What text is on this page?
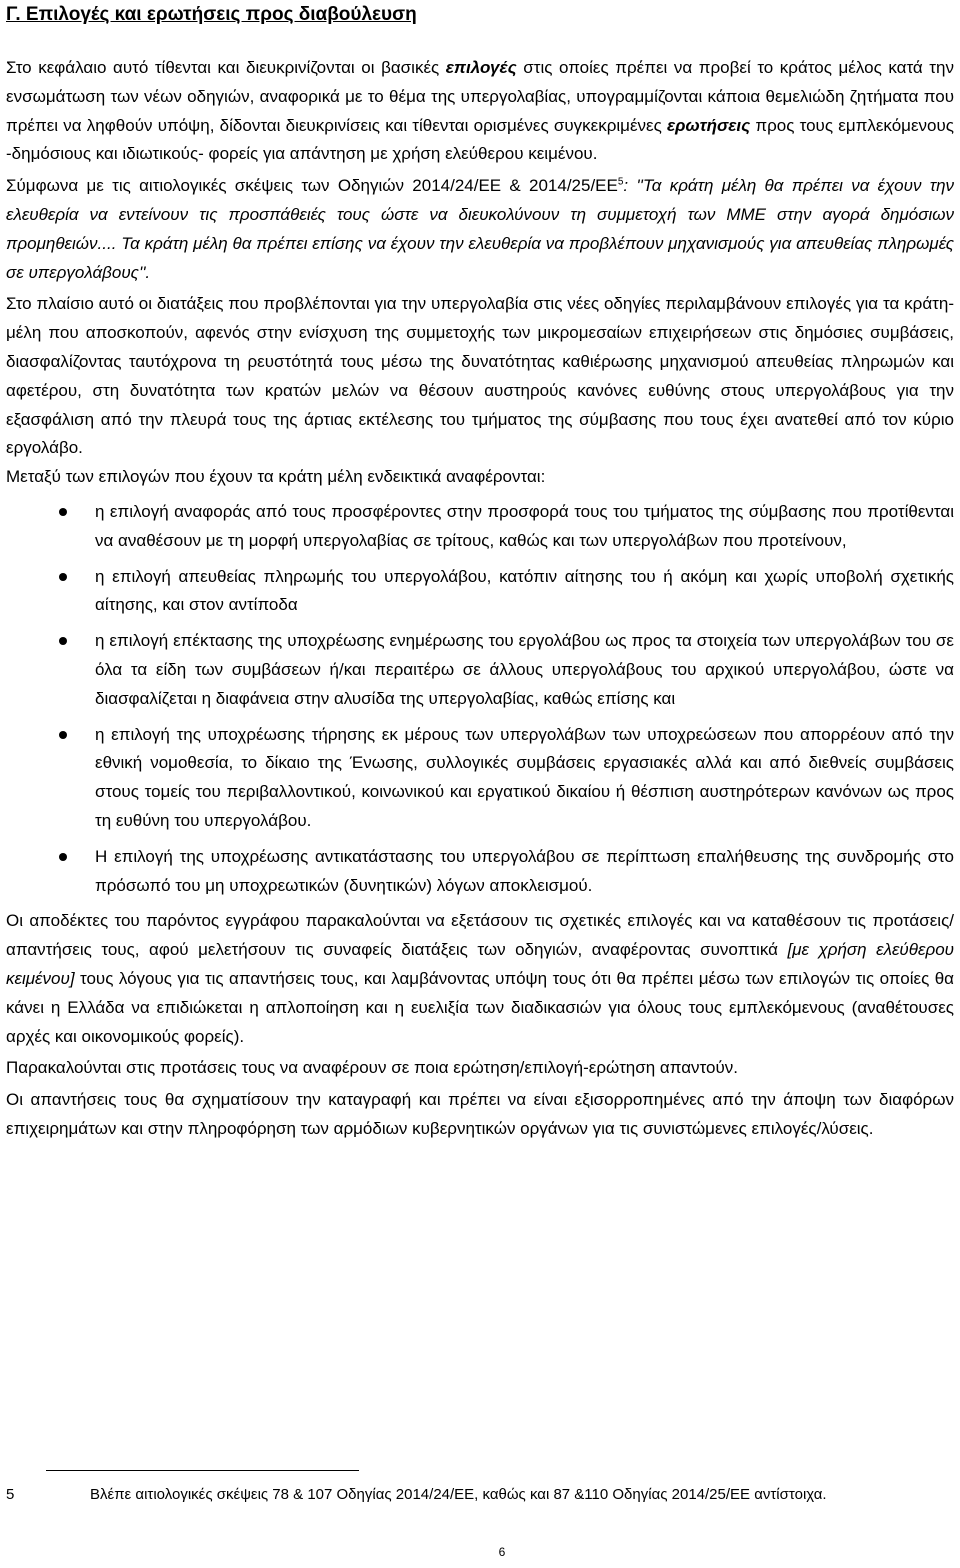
Γ. Επιλογές και ερωτήσεις προς διαβούλευση

Στο κεφάλαιο αυτό τίθενται και διευκρινίζονται οι βασικές επιλογές στις οποίες πρέπει να προβεί το κράτος μέλος κατά την ενσωμάτωση των νέων οδηγιών, αναφορικά με το θέμα της υπεργολαβίας, υπογραμμίζονται κάποια θεμελιώδη ζητήματα που πρέπει να ληφθούν υπόψη, δίδονται διευκρινίσεις και τίθενται ορισμένες συγκεκριμένες ερωτήσεις προς τους εμπλεκόμενους -δημόσιους και ιδιωτικούς- φορείς για απάντηση με χρήση ελεύθερου κειμένου.

Σύμφωνα με τις αιτιολογικές σκέψεις των Οδηγιών 2014/24/ΕΕ & $2014/25/EE^5$: ''Τα κράτη μέλη θα πρέπει να έχουν την ελευθερία να εντείνουν τις προσπάθειές τους ώστε να διευκολύνουν τη συμμετοχή των ΜΜΕ στην αγορά δημόσιων προμηθειών.... Τα κράτη μέλη θα πρέπει επίσης να έχουν την ελευθερία να προβλέπουν μηχανισμούς για απευθείας πληρωμές σε υπεργολάβους''.

Στο πλαίσιο αυτό οι διατάξεις που προβλέπονται για την υπεργολαβία στις νέες οδηγίες περιλαμβάνουν επιλογές για τα κράτη-μέλη που αποσκοπούν, αφενός στην ενίσχυση της συμμετοχής των μικρομεσαίων επιχειρήσεων στις δημόσιες συμβάσεις, διασφαλίζοντας ταυτόχρονα τη ρευστότητά τους μέσω της δυνατότητας καθιέρωσης μηχανισμού απευθείας πληρωμών και αφετέρου, στη δυνατότητα των κρατών μελών να θέσουν αυστηρούς κανόνες ευθύνης στους υπεργολάβους για την εξασφάλιση από την πλευρά τους της άρτιας εκτέλεσης του τμήματος της σύμβασης που τους έχει ανατεθεί από τον κύριο εργολάβο.

Μεταξύ των επιλογών που έχουν τα κράτη μέλη ενδεικτικά αναφέρονται:

η επιλογή αναφοράς από τους προσφέροντες στην προσφορά τους του τμήματος της σύμβασης που προτίθενται να αναθέσουν με τη μορφή υπεργολαβίας σε τρίτους, καθώς και των υπεργολάβων που προτείνουν,
η επιλογή απευθείας πληρωμής του υπεργολάβου, κατόπιν αίτησης του ή ακόμη και χωρίς υποβολή σχετικής αίτησης, και στον αντίποδα
η επιλογή επέκτασης της υποχρέωσης ενημέρωσης του εργολάβου ως προς τα στοιχεία των υπεργολάβων του σε όλα τα είδη των συμβάσεων ή/και περαιτέρω σε άλλους υπεργολάβους του αρχικού υπεργολάβου, ώστε να διασφαλίζεται η διαφάνεια στην αλυσίδα της υπεργολαβίας, καθώς επίσης και
η επιλογή της υποχρέωσης τήρησης εκ μέρους των υπεργολάβων των υποχρεώσεων που απορρέουν από την εθνική νομοθεσία, το δίκαιο της Ένωσης, συλλογικές συμβάσεις εργασιακές αλλά και από διεθνείς συμβάσεις στους τομείς του περιβαλλοντικού, κοινωνικού και εργατικού δικαίου ή θέσπιση αυστηρότερων κανόνων ως προς τη ευθύνη του υπεργολάβου.
Η επιλογή της υποχρέωσης αντικατάστασης του υπεργολάβου σε περίπτωση επαλήθευσης της συνδρομής στο πρόσωπό του μη υποχρεωτικών (δυνητικών) λόγων αποκλεισμού.

Οι αποδέκτες του παρόντος εγγράφου παρακαλούνται να εξετάσουν τις σχετικές επιλογές και να καταθέσουν τις προτάσεις/απαντήσεις τους, αφού μελετήσουν τις συναφείς διατάξεις των οδηγιών, αναφέροντας συνοπτικά [με χρήση ελεύθερου κειμένου] τους λόγους για τις απαντήσεις τους, και λαμβάνοντας υπόψη τους ότι θα πρέπει μέσω των επιλογών τις οποίες θα κάνει η Ελλάδα να επιδιώκεται η απλοποίηση και η ευελιξία των διαδικασιών για όλους τους εμπλεκόμενους (αναθέτουσες αρχές και οικονομικούς φορείς).

Παρακαλούνται στις προτάσεις τους να αναφέρουν σε ποια ερώτηση/επιλογή-ερώτηση απαντούν.

Οι απαντήσεις τους θα σχηματίσουν την καταγραφή και πρέπει να είναι εξισορροπημένες από την άποψη των διαφόρων επιχειρημάτων και στην πληροφόρηση των αρμόδιων κυβερνητικών οργάνων για τις συνιστώμενες επιλογές/λύσεις.

5	Βλέπε αιτιολογικές σκέψεις 78 & 107 Οδηγίας 2014/24/ΕΕ, καθώς και 87 &110 Οδηγίας 2014/25/ΕΕ αντίστοιχα.
6
